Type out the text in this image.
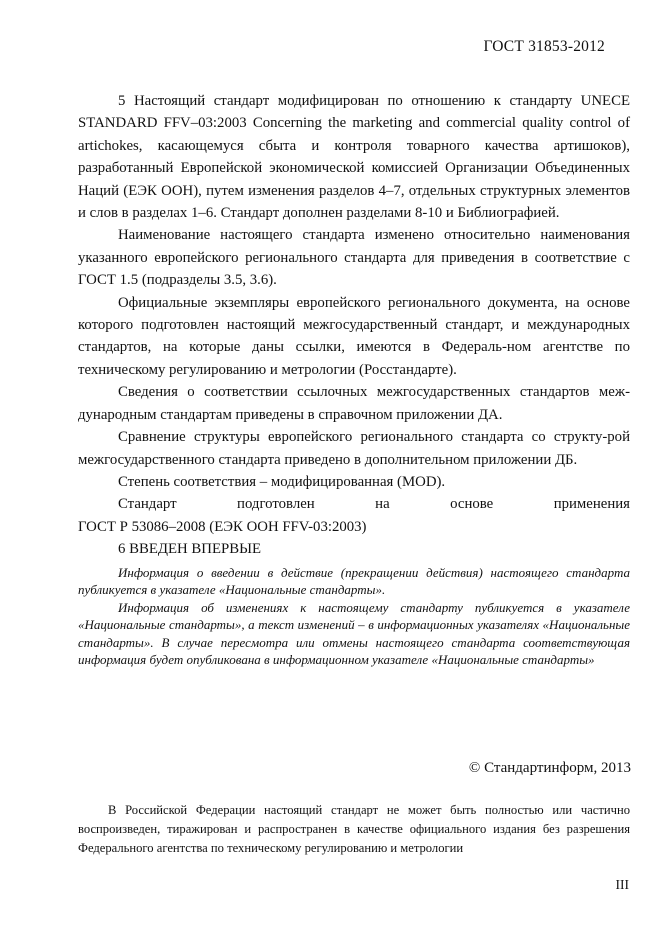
ГОСТ 31853-2012

5 Настоящий стандарт модифицирован по отношению к стандарту UNECE STANDARD FFV–03:2003 Concerning the marketing and commercial quality control of artichokes, касающемуся сбыта и контроля товарного качества артишоков), разработанный Европейской экономической комиссией Организации Объединенных Наций (ЕЭК ООН), путем изменения разделов 4–7, отдельных структурных элементов и слов в разделах 1–6. Стандарт дополнен разделами 8-10 и Библиографией.

Наименование настоящего стандарта изменено относительно наименования указанного европейского регионального стандарта для приведения в соответствие с ГОСТ 1.5 (подразделы 3.5, 3.6).

Официальные экземпляры европейского регионального документа, на основе которого подготовлен настоящий межгосударственный стандарт, и международных стандартов, на которые даны ссылки, имеются в Федераль-ном агентстве по техническому регулированию и метрологии (Росстандарте).

Сведения о соответствии ссылочных межгосударственных стандартов меж-дународным стандартам приведены в справочном приложении ДА.

Сравнение структуры европейского регионального стандарта со структу-рой межгосударственного стандарта приведено в дополнительном приложении ДБ.

Степень соответствия – модифицированная (MOD).

Стандарт подготовлен на основе применения

ГОСТ Р 53086–2008 (ЕЭК ООН FFV-03:2003)

6 ВВЕДЕН ВПЕРВЫЕ

Информация о введении в действие (прекращении действия) настоящего стандарта публикуется в указателе «Национальные стандарты».

Информация об изменениях к настоящему стандарту публикуется в указателе «Национальные стандарты», а текст изменений – в информационных указателях «Национальные стандарты». В случае пересмотра или отмены настоящего стандарта соответствующая информация будет опубликована в информационном указателе «Национальные стандарты»

© Стандартинформ, 2013

В Российской Федерации настоящий стандарт не может быть полностью или частично воспроизведен, тиражирован и распространен в качестве официального издания без разрешения Федерального агентства по техническому регулированию и метрологии

III
